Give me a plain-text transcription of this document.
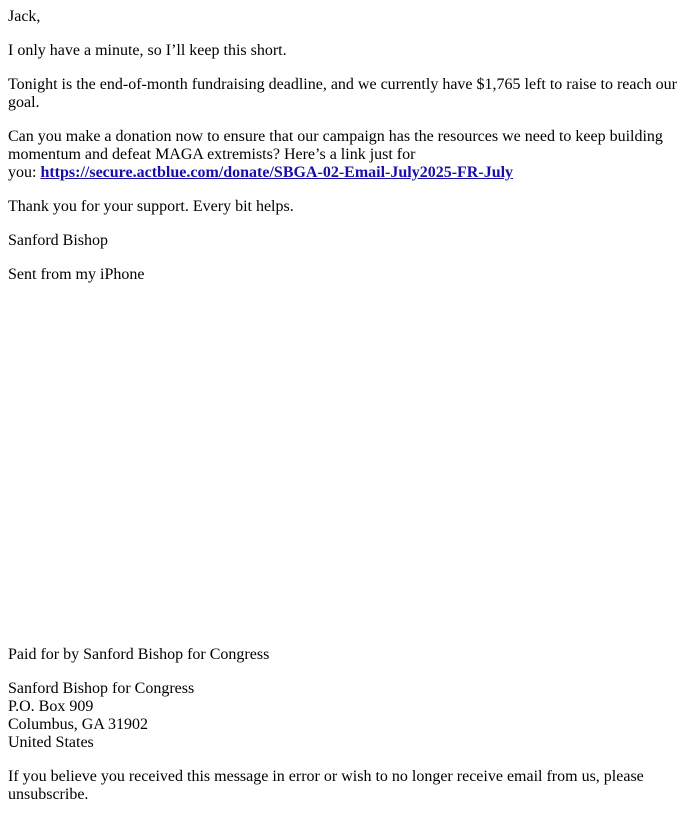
Jack,

I only have a minute, so I’ll keep this short.

Tonight is the end-of-month fundraising deadline, and we currently have $1,765 left to raise to reach our goal.

Can you make a donation now to ensure that our campaign has the resources we need to keep building momentum and defeat MAGA extremists? Here’s a link just for
you: https://secure.actblue.com/donate/SBGA-02-Email-July2025-FR-July

Thank you for your support. Every bit helps.

Sanford Bishop

Sent from my iPhone

Paid for by Sanford Bishop for Congress

Sanford Bishop for Congress
P.O. Box 909
Columbus, GA 31902
United States

If you believe you received this message in error or wish to no longer receive email from us, please unsubscribe.
